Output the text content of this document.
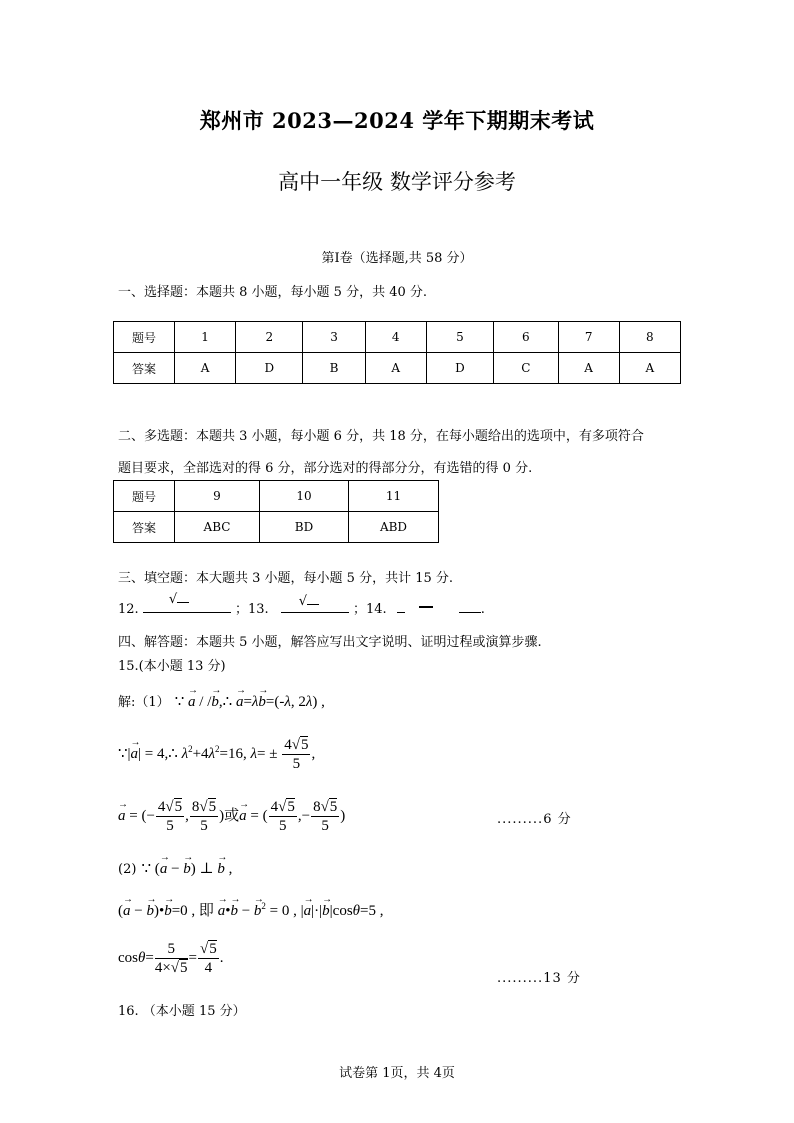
郑州市 2023—2024 学年下期期末考试
高中一年级 数学评分参考
第Ⅰ卷（选择题,共 58 分）
一、选择题：本题共 8 小题，每小题 5 分，共 40 分.
题号	1	2	3	4	5	6	7	8
答案	A	D	B	A	D	C	A	A
二、多选题：本题共 3 小题，每小题 6 分，共 18 分，在每小题给出的选项中，有多项符合
题目要求，全部选对的得 6 分，部分选对的得部分分，有选错的得 0 分.
题号	9	10	11
答案	ABC	BD	ABD
三、填空题：本大题共 3 小题，每小题 5 分，共计 15 分.
12.
√
；13.
√
；14.	.
四、解答题：本题共 5 小题，解答应写出文字说明、证明过程或演算步骤.
15.(本小题 13 分)
解:（1） ∵ → a / /→ b,∴ → a=λ→ b=(-λ, 2λ) ,
∵|→ a| = 4,∴ $\lambda^2+4\lambda^2=16$, $\lambda= \pm \frac{4√5}{5}$ ,
→ a = (− $\frac{4√5}{5}$ , $\frac{8√5}{5}$ )或→ a = ( $\frac{4√5}{5}$ ,− $\frac{8√5}{5}$ )	.........6 分
(2) ∵ (→ a − → b) ⊥ → b ,
(→ a − → b)•→ b=0 , 即 → a•→ b − → $b^2 = 0$ , |→ a|·|→ b|cosθ=5 ,
$\cos\theta= \frac{5}{4\times√5} = \frac{√5}{4}$ .
.........13 分
16. （本小题 15 分）
试卷第 1页，共 4页
